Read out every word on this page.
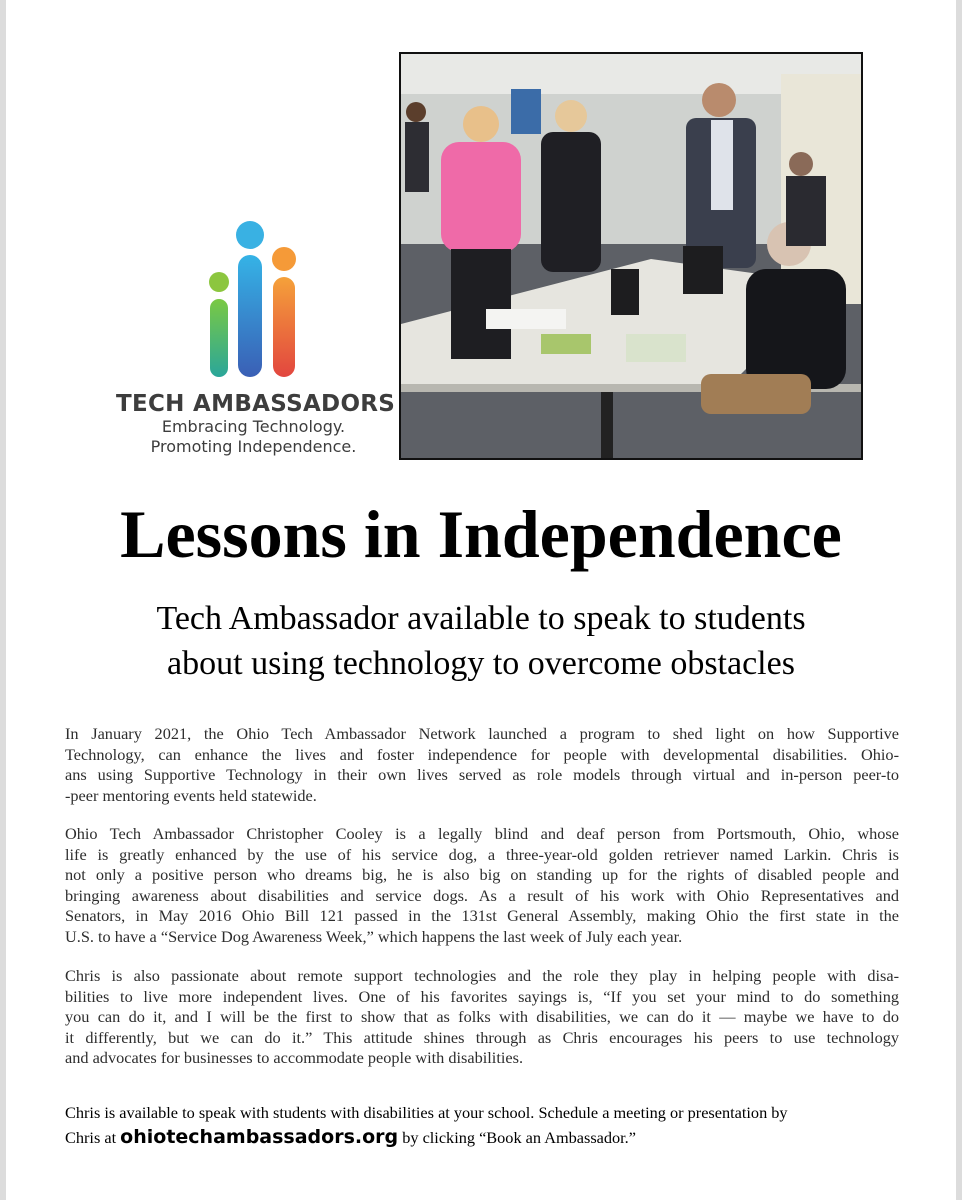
TECH AMBASSADORS
Embracing Technology.
Promoting Independence.
Lessons in Independence

Tech Ambassador available to speak to students

about using technology to overcome obstacles

In January 2021, the Ohio Tech Ambassador Network launched a program to shed light on how Supportive
Technology, can enhance the lives and foster independence for people with developmental disabilities. Ohio-
ans using Supportive Technology in their own lives served as role models through virtual and in-person peer-to
-peer mentoring events held statewide.

Ohio Tech Ambassador Christopher Cooley is a legally blind and deaf person from Portsmouth, Ohio, whose
life is greatly enhanced by the use of his service dog, a three-year-old golden retriever named Larkin. Chris is
not only a positive person who dreams big, he is also big on standing up for the rights of disabled people and
bringing awareness about disabilities and service dogs. As a result of his work with Ohio Representatives and
Senators, in May 2016 Ohio Bill 121 passed in the 131st General Assembly, making Ohio the first state in the
U.S. to have a “Service Dog Awareness Week,” which happens the last week of July each year.

Chris is also passionate about remote support technologies and the role they play in helping people with disa-
bilities to live more independent lives. One of his favorites sayings is, “If you set your mind to do something
you can do it, and I will be the first to show that as folks with disabilities, we can do it — maybe we have to do
it differently, but we can do it.” This attitude shines through as Chris encourages his peers to use technology
and advocates for businesses to accommodate people with disabilities.

Chris is available to speak with students with disabilities at your school. Schedule a meeting or presentation by
Chris at ohiotechambassadors.org by clicking “Book an Ambassador.”
